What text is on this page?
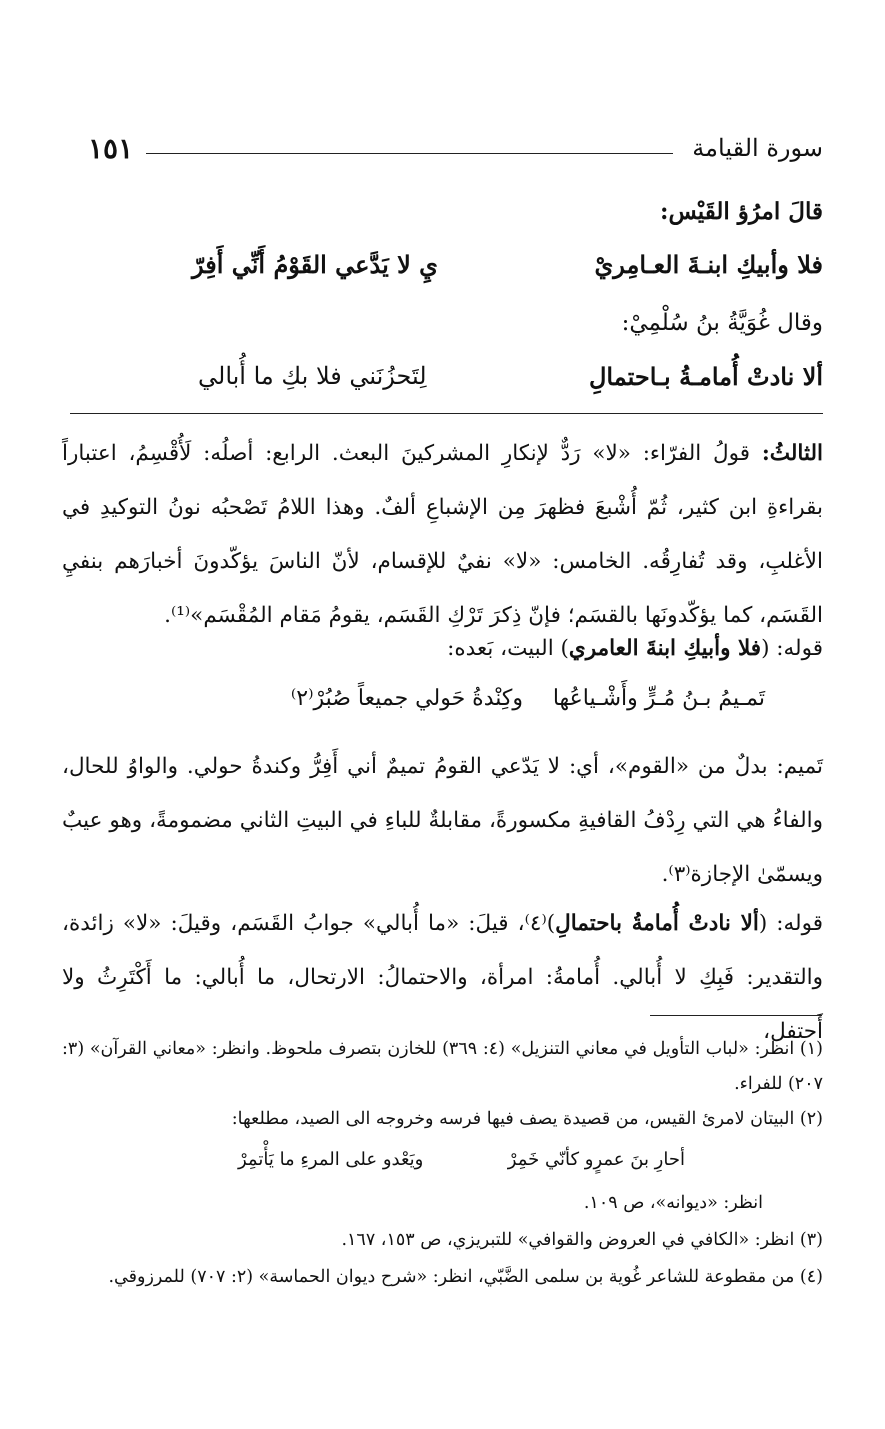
١٥١	سورة القيامة
قالَ امرُؤ القَيْس:
فلا وأبيكِ ابنـةَ العـامِريْ
يِ لا يَدَّعي القَوْمُ أَنِّي أَفِرّ
وقال غُوَيَّةُ بنُ سُلْمِيْ:
ألا نادتْ أُمامـةُ بـاحتمالِ
لِتَحزُنَني فلا بكِ ما أُبالي
الثالثُ: قولُ الفرّاء: «لا» رَدٌّ لإنكارِ المشركينَ البعث. الرابع: أصلُه: لَأُقْسِمُ، اعتباراً بقراءةِ ابن كثير، ثُمّ أُشْبعَ فظهرَ مِن الإشباعِ ألفٌ. وهذا اللامُ تَصْحبُه نونُ التوكيدِ في الأغلبِ، وقد تُفارِقُه. الخامس: «لا» نفيٌ للإقسام، لأنّ الناسَ يؤكّدونَ أخبارَهم بنفيِ القَسَم، كما يؤكّدونَها بالقسَم؛ فإنّ ذِكرَ تَرْكِ القَسَم، يقومُ مَقام المُقْسَم»⁽¹⁾.
قوله: (فلا وأبيكِ ابنةَ العامري) البيت، بَعده:
وكِنْدةُ حَولي جميعاً صُبُرْ⁽٢⁾ تَمـيمُ بـنُ مُـرٍّ وأَشْـياعُها
تَميم: بدلٌ من «القوم»، أي: لا يَدّعي القومُ تميمٌ أني أَفِرُّ وكندةُ حولي. والواوُ للحال، والفاءُ هي التي رِدْفُ القافيةِ مكسورةً، مقابلةٌ للباءِ في البيتِ الثاني مضمومةً، وهو عيبٌ ويسمّىٰ الإجازة⁽٣⁾.
قوله: (ألا نادتْ أُمامةُ باحتمالِ)⁽٤⁾، قيلَ: «ما أُبالي» جوابُ القَسَم، وقيلَ: «لا» زائدة، والتقدير: فَبِكِ لا أُبالي. أُمامةُ: امرأة، والاحتمالُ: الارتحال، ما أُبالي: ما أَكْتَرِثُ ولا أَحتفل،
(١) انظر: «لباب التأويل في معاني التنزيل» (٤: ٣٦٩) للخازن بتصرف ملحوظ. وانظر: «معاني القرآن» (٣: ٢٠٧) للفراء.
(٢) البيتان لامرئ القيس، من قصيدة يصف فيها فرسه وخروجه الى الصيد، مطلعها:
أحارِ بنَ عمرٍو كأنّي خَمِرْ
ويَعْدو على المرءِ ما يَأْتمِرْ
انظر: «ديوانه»، ص ١٠٩.
(٣) انظر: «الكافي في العروض والقوافي» للتبريزي، ص ١٥٣، ١٦٧.
(٤) من مقطوعة للشاعر غُوية بن سلمى الضَّبّي، انظر: «شرح ديوان الحماسة» (٢: ٧٠٧) للمرزوقي.
